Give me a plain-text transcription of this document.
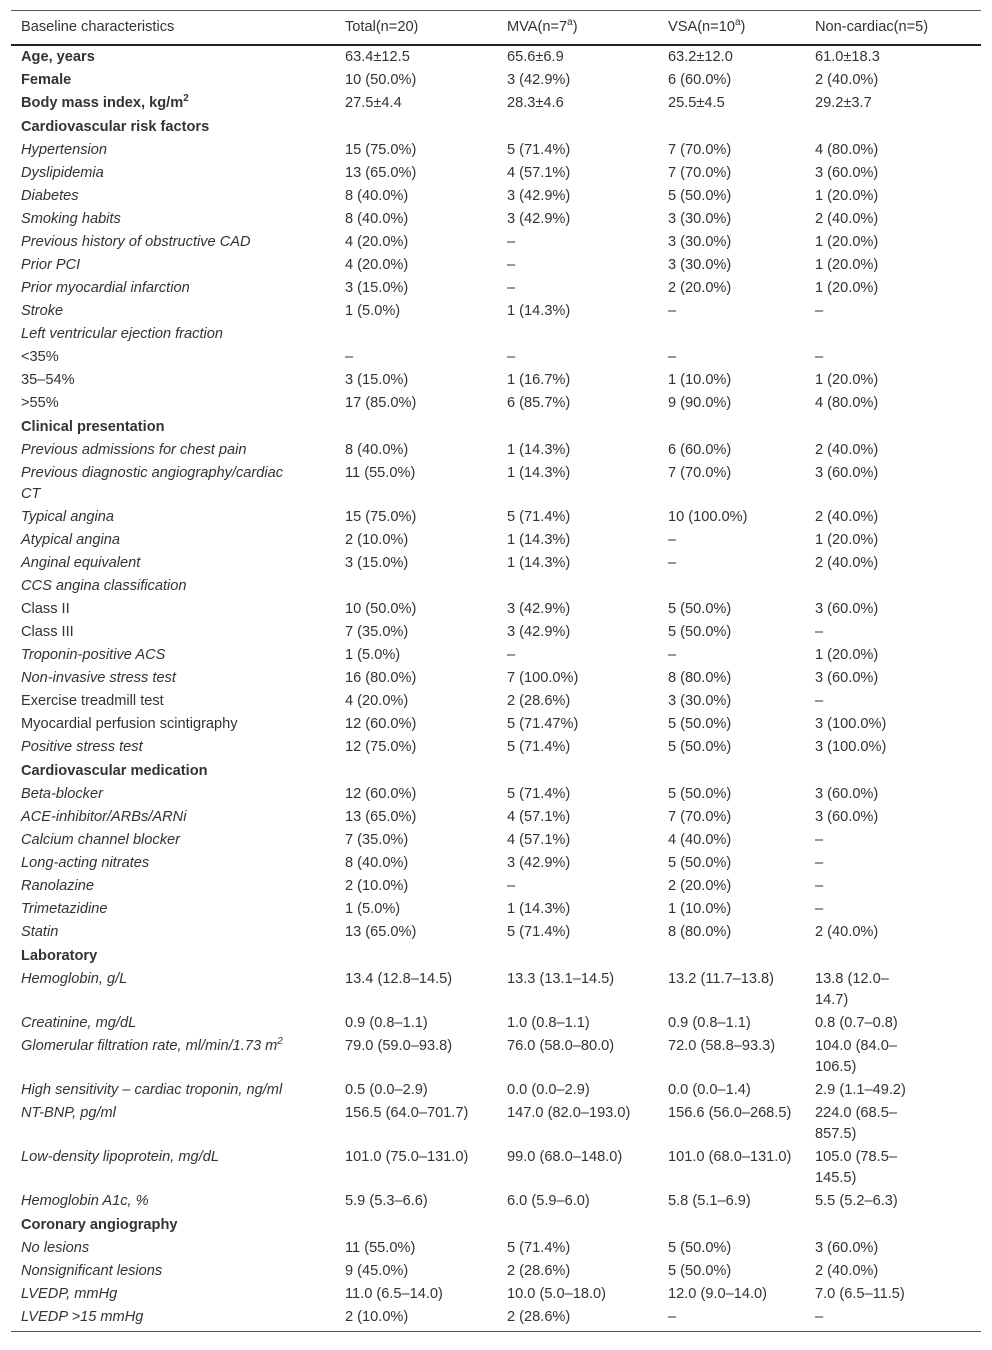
Baseline characteristics	Total(n=20)	$MVA(n=7^a)$	$VSA(n=10^a)$	Non-cardiac(n=5)
Age, years	63.4±12.5	65.6±6.9	63.2±12.0	61.0±18.3
Female	10 (50.0%)	3 (42.9%)	6 (60.0%)	2 (40.0%)
Body mass index, $kg/m^2$	27.5±4.4	28.3±4.6	25.5±4.5	29.2±3.7
Cardiovascular risk factors				
Hypertension	15 (75.0%)	5 (71.4%)	7 (70.0%)	4 (80.0%)
Dyslipidemia	13 (65.0%)	4 (57.1%)	7 (70.0%)	3 (60.0%)
Diabetes	8 (40.0%)	3 (42.9%)	5 (50.0%)	1 (20.0%)
Smoking habits	8 (40.0%)	3 (42.9%)	3 (30.0%)	2 (40.0%)
Previous history of obstructive CAD	4 (20.0%)	–	3 (30.0%)	1 (20.0%)
Prior PCI	4 (20.0%)	–	3 (30.0%)	1 (20.0%)
Prior myocardial infarction	3 (15.0%)	–	2 (20.0%)	1 (20.0%)
Stroke	1 (5.0%)	1 (14.3%)	–	–
Left ventricular ejection fraction				
<35%	–	–	–	–
35–54%	3 (15.0%)	1 (16.7%)	1 (10.0%)	1 (20.0%)
>55%	17 (85.0%)	6 (85.7%)	9 (90.0%)	4 (80.0%)
Clinical presentation				
Previous admissions for chest pain	8 (40.0%)	1 (14.3%)	6 (60.0%)	2 (40.0%)
Previous diagnostic angiography/cardiac CT	11 (55.0%)	1 (14.3%)	7 (70.0%)	3 (60.0%)
Typical angina	15 (75.0%)	5 (71.4%)	10 (100.0%)	2 (40.0%)
Atypical angina	2 (10.0%)	1 (14.3%)	–	1 (20.0%)
Anginal equivalent	3 (15.0%)	1 (14.3%)	–	2 (40.0%)
CCS angina classification				
Class II	10 (50.0%)	3 (42.9%)	5 (50.0%)	3 (60.0%)
Class III	7 (35.0%)	3 (42.9%)	5 (50.0%)	–
Troponin-positive ACS	1 (5.0%)	–	–	1 (20.0%)
Non-invasive stress test	16 (80.0%)	7 (100.0%)	8 (80.0%)	3 (60.0%)
Exercise treadmill test	4 (20.0%)	2 (28.6%)	3 (30.0%)	–
Myocardial perfusion scintigraphy	12 (60.0%)	5 (71.47%)	5 (50.0%)	3 (100.0%)
Positive stress test	12 (75.0%)	5 (71.4%)	5 (50.0%)	3 (100.0%)
Cardiovascular medication				
Beta-blocker	12 (60.0%)	5 (71.4%)	5 (50.0%)	3 (60.0%)
ACE-inhibitor/ARBs/ARNi	13 (65.0%)	4 (57.1%)	7 (70.0%)	3 (60.0%)
Calcium channel blocker	7 (35.0%)	4 (57.1%)	4 (40.0%)	–
Long-acting nitrates	8 (40.0%)	3 (42.9%)	5 (50.0%)	–
Ranolazine	2 (10.0%)	–	2 (20.0%)	–
Trimetazidine	1 (5.0%)	1 (14.3%)	1 (10.0%)	–
Statin	13 (65.0%)	5 (71.4%)	8 (80.0%)	2 (40.0%)
Laboratory				
Hemoglobin, g/L	13.4 (12.8–14.5)	13.3 (13.1–14.5)	13.2 (11.7–13.8)	13.8 (12.0–14.7)
Creatinine, mg/dL	0.9 (0.8–1.1)	1.0 (0.8–1.1)	0.9 (0.8–1.1)	0.8 (0.7–0.8)
Glomerular filtration rate, ml/min/1.73 $m^2$	79.0 (59.0–93.8)	76.0 (58.0–80.0)	72.0 (58.8–93.3)	104.0 (84.0–106.5)
High sensitivity – cardiac troponin, ng/ml	0.5 (0.0–2.9)	0.0 (0.0–2.9)	0.0 (0.0–1.4)	2.9 (1.1–49.2)
NT-BNP, pg/ml	156.5 (64.0–701.7)	147.0 (82.0–193.0)	156.6 (56.0–268.5)	224.0 (68.5–857.5)
Low-density lipoprotein, mg/dL	101.0 (75.0–131.0)	99.0 (68.0–148.0)	101.0 (68.0–131.0)	105.0 (78.5–145.5)
Hemoglobin A1c, %	5.9 (5.3–6.6)	6.0 (5.9–6.0)	5.8 (5.1–6.9)	5.5 (5.2–6.3)
Coronary angiography				
No lesions	11 (55.0%)	5 (71.4%)	5 (50.0%)	3 (60.0%)
Nonsignificant lesions	9 (45.0%)	2 (28.6%)	5 (50.0%)	2 (40.0%)
LVEDP, mmHg	11.0 (6.5–14.0)	10.0 (5.0–18.0)	12.0 (9.0–14.0)	7.0 (6.5–11.5)
LVEDP >15 mmHg	2 (10.0%)	2 (28.6%)	–	–
